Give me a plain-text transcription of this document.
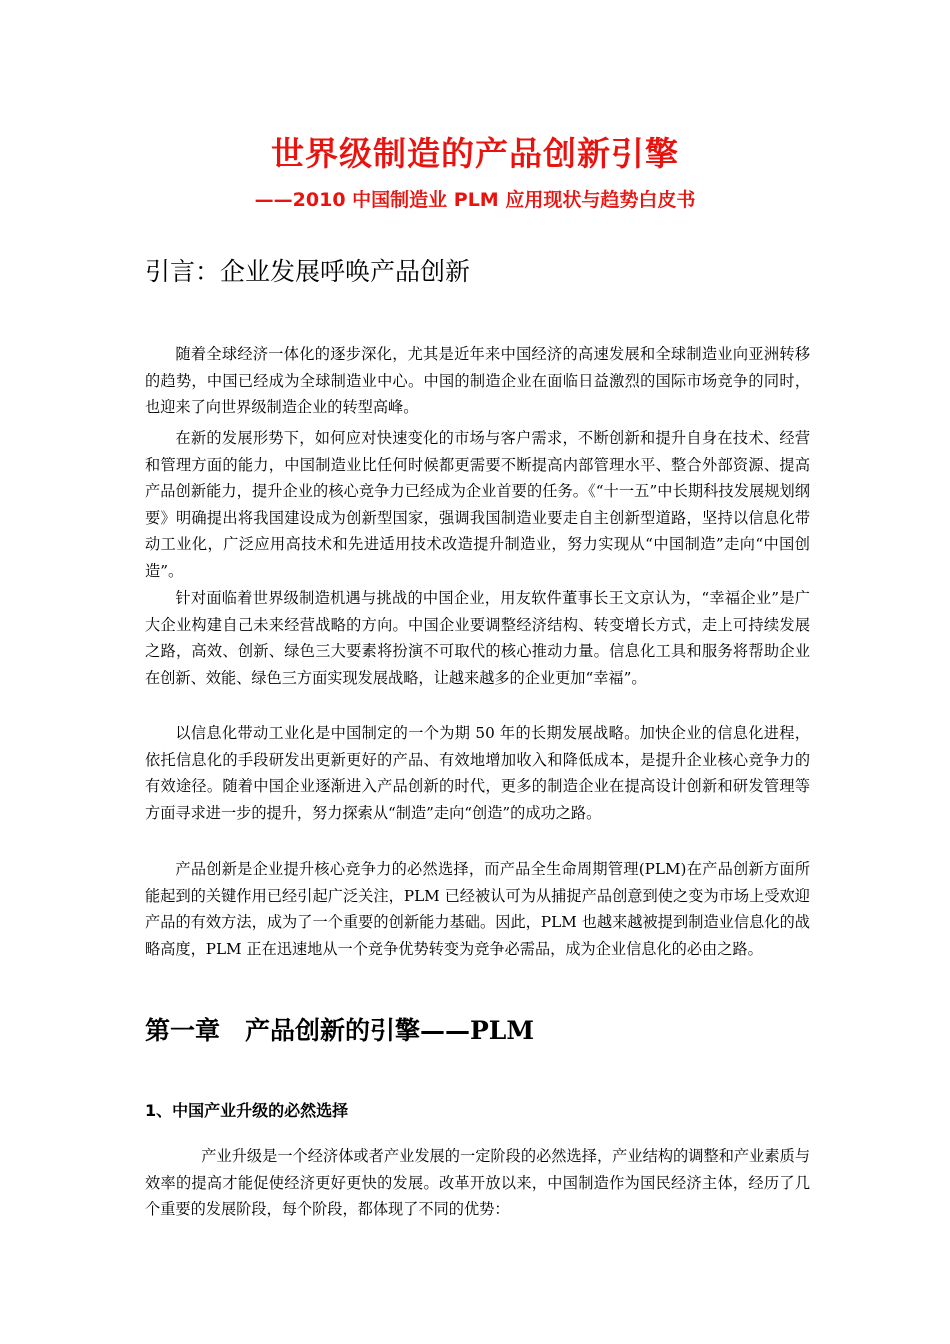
世界级制造的产品创新引擎
——2010 中国制造业 PLM 应用现状与趋势白皮书
引言：企业发展呼唤产品创新

随着全球经济一体化的逐步深化，尤其是近年来中国经济的高速发展和全球制造业向亚洲转移的趋势，中国已经成为全球制造业中心。中国的制造企业在面临日益激烈的国际市场竞争的同时，也迎来了向世界级制造企业的转型高峰。

在新的发展形势下，如何应对快速变化的市场与客户需求，不断创新和提升自身在技术、经营和管理方面的能力，中国制造业比任何时候都更需要不断提高内部管理水平、整合外部资源、提高产品创新能力，提升企业的核心竞争力已经成为企业首要的任务。《“十一五”中长期科技发展规划纲要》明确提出将我国建设成为创新型国家，强调我国制造业要走自主创新型道路，坚持以信息化带动工业化，广泛应用高技术和先进适用技术改造提升制造业，努力实现从“中国制造”走向“中国创造”。

针对面临着世界级制造机遇与挑战的中国企业，用友软件董事长王文京认为，“幸福企业”是广大企业构建自己未来经营战略的方向。中国企业要调整经济结构、转变增长方式，走上可持续发展之路，高效、创新、绿色三大要素将扮演不可取代的核心推动力量。信息化工具和服务将帮助企业在创新、效能、绿色三方面实现发展战略，让越来越多的企业更加“幸福”。

以信息化带动工业化是中国制定的一个为期 50 年的长期发展战略。加快企业的信息化进程，依托信息化的手段研发出更新更好的产品、有效地增加收入和降低成本，是提升企业核心竞争力的有效途径。随着中国企业逐渐进入产品创新的时代，更多的制造企业在提高设计创新和研发管理等方面寻求进一步的提升，努力探索从“制造”走向“创造”的成功之路。

产品创新是企业提升核心竞争力的必然选择，而产品全生命周期管理(PLM)在产品创新方面所能起到的关键作用已经引起广泛关注，PLM 已经被认可为从捕捉产品创意到使之变为市场上受欢迎产品的有效方法，成为了一个重要的创新能力基础。因此，PLM 也越来越被提到制造业信息化的战略高度，PLM 正在迅速地从一个竞争优势转变为竞争必需品，成为企业信息化的必由之路。

第一章　产品创新的引擎——PLM
1、中国产业升级的必然选择

产业升级是一个经济体或者产业发展的一定阶段的必然选择，产业结构的调整和产业素质与效率的提高才能促使经济更好更快的发展。改革开放以来，中国制造作为国民经济主体，经历了几个重要的发展阶段，每个阶段，都体现了不同的优势：
